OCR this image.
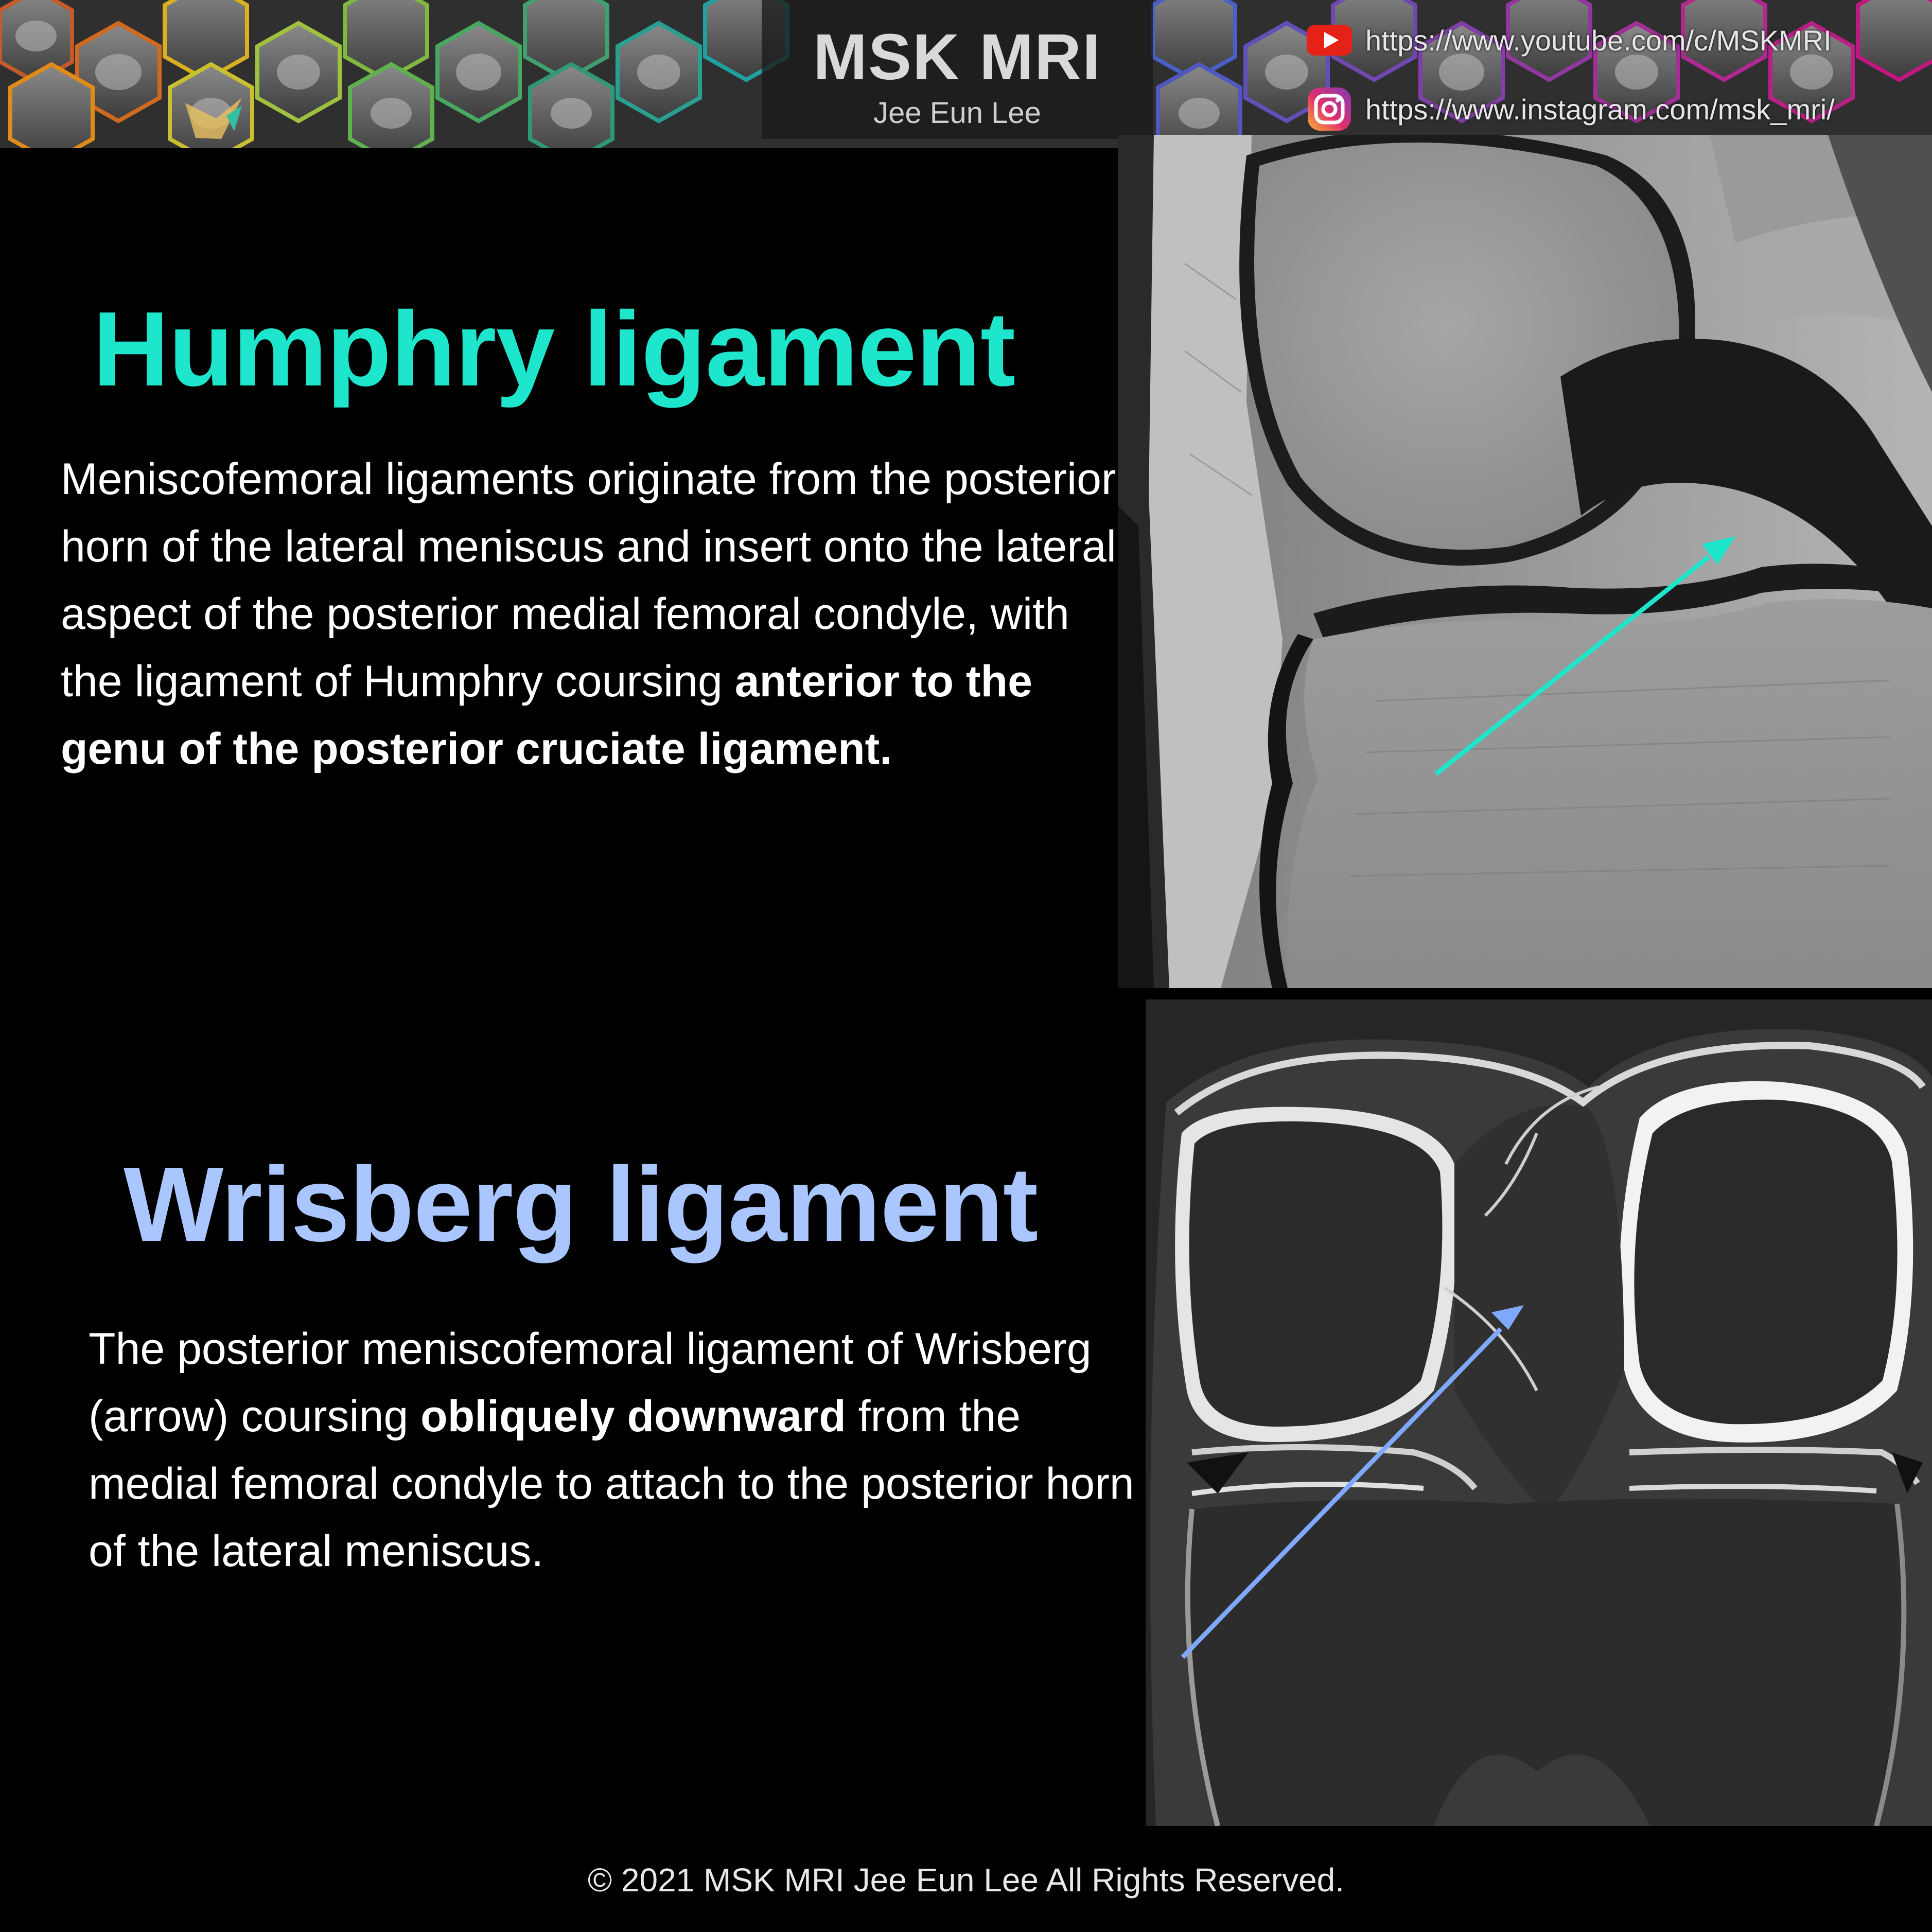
MSK MRI
Jee Eun Lee
https://www.youtube.com/c/MSKMRI
https://www.instagram.com/msk_mri/
Humphry ligament
Meniscofemoral ligaments originate from the posterior horn of the lateral meniscus and insert onto the lateral aspect of the posterior medial femoral condyle, with the ligament of Humphry coursing anterior to the genu of the posterior cruciate ligament.
Wrisberg ligament
The posterior meniscofemoral ligament of Wrisberg (arrow) coursing obliquely downward from the medial femoral condyle to attach to the posterior horn of the lateral meniscus.
© 2021 MSK MRI Jee Eun Lee All Rights Reserved.
